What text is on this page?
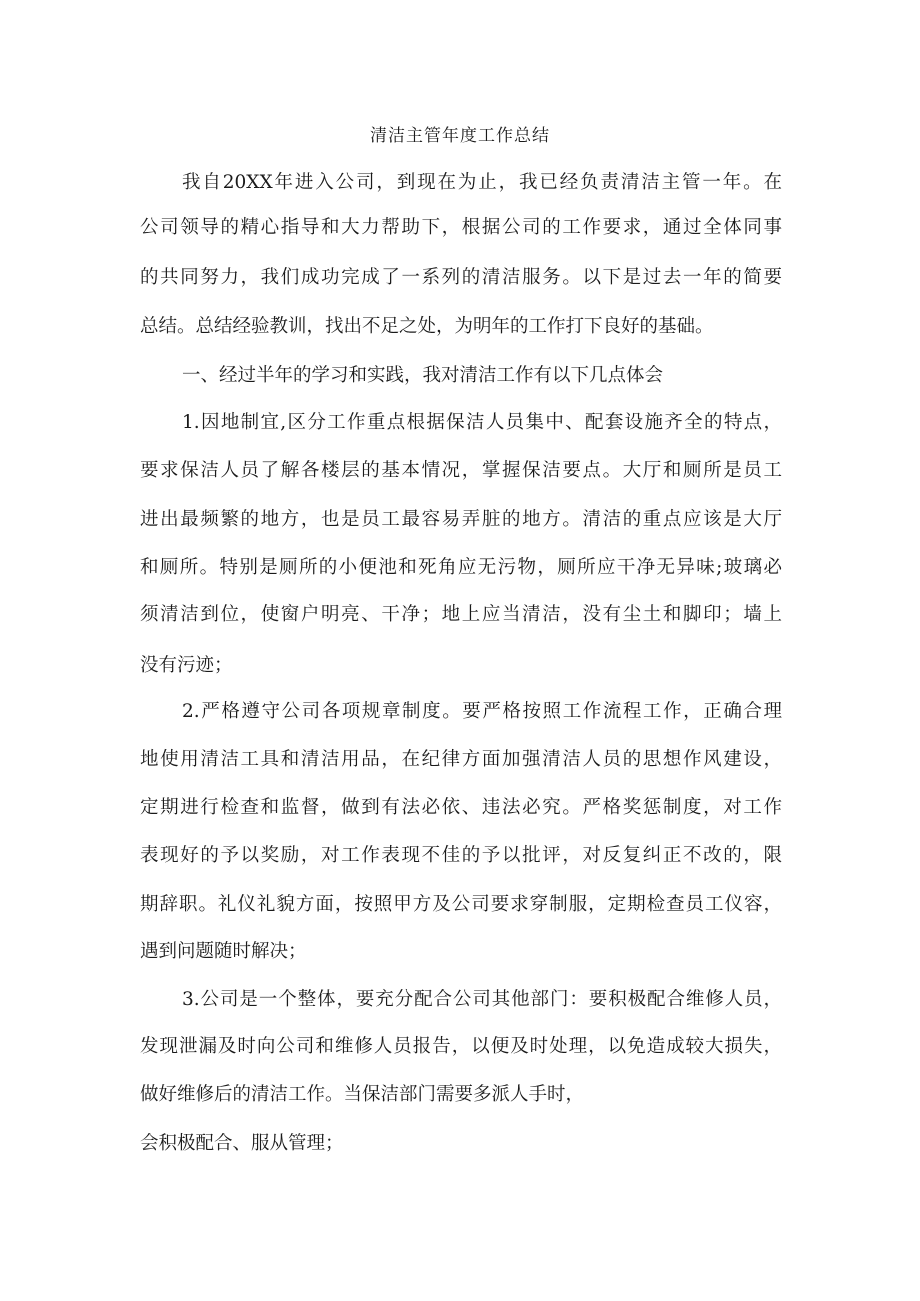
清洁主管年度工作总结
我自20XX年进入公司，到现在为止，我已经负责清洁主管一年。在
公司领导的精心指导和大力帮助下，根据公司的工作要求，通过全体同事
的共同努力，我们成功完成了一系列的清洁服务。以下是过去一年的简要
总结。总结经验教训，找出不足之处，为明年的工作打下良好的基础。
一、经过半年的学习和实践，我对清洁工作有以下几点体会
1.因地制宜,区分工作重点根据保洁人员集中、配套设施齐全的特点，
要求保洁人员了解各楼层的基本情况，掌握保洁要点。大厅和厕所是员工
进出最频繁的地方，也是员工最容易弄脏的地方。清洁的重点应该是大厅
和厕所。特别是厕所的小便池和死角应无污物，厕所应干净无异味;玻璃必
须清洁到位，使窗户明亮、干净；地上应当清洁，没有尘土和脚印；墙上
没有污迹；
2.严格遵守公司各项规章制度。要严格按照工作流程工作，正确合理
地使用清洁工具和清洁用品，在纪律方面加强清洁人员的思想作风建设，
定期进行检查和监督，做到有法必依、违法必究。严格奖惩制度，对工作
表现好的予以奖励，对工作表现不佳的予以批评，对反复纠正不改的，限
期辞职。礼仪礼貌方面，按照甲方及公司要求穿制服，定期检查员工仪容，
遇到问题随时解决；
3.公司是一个整体，要充分配合公司其他部门：要积极配合维修人员，
发现泄漏及时向公司和维修人员报告，以便及时处理，以免造成较大损失，
做好维修后的清洁工作。当保洁部门需要多派人手时，
会积极配合、服从管理；
